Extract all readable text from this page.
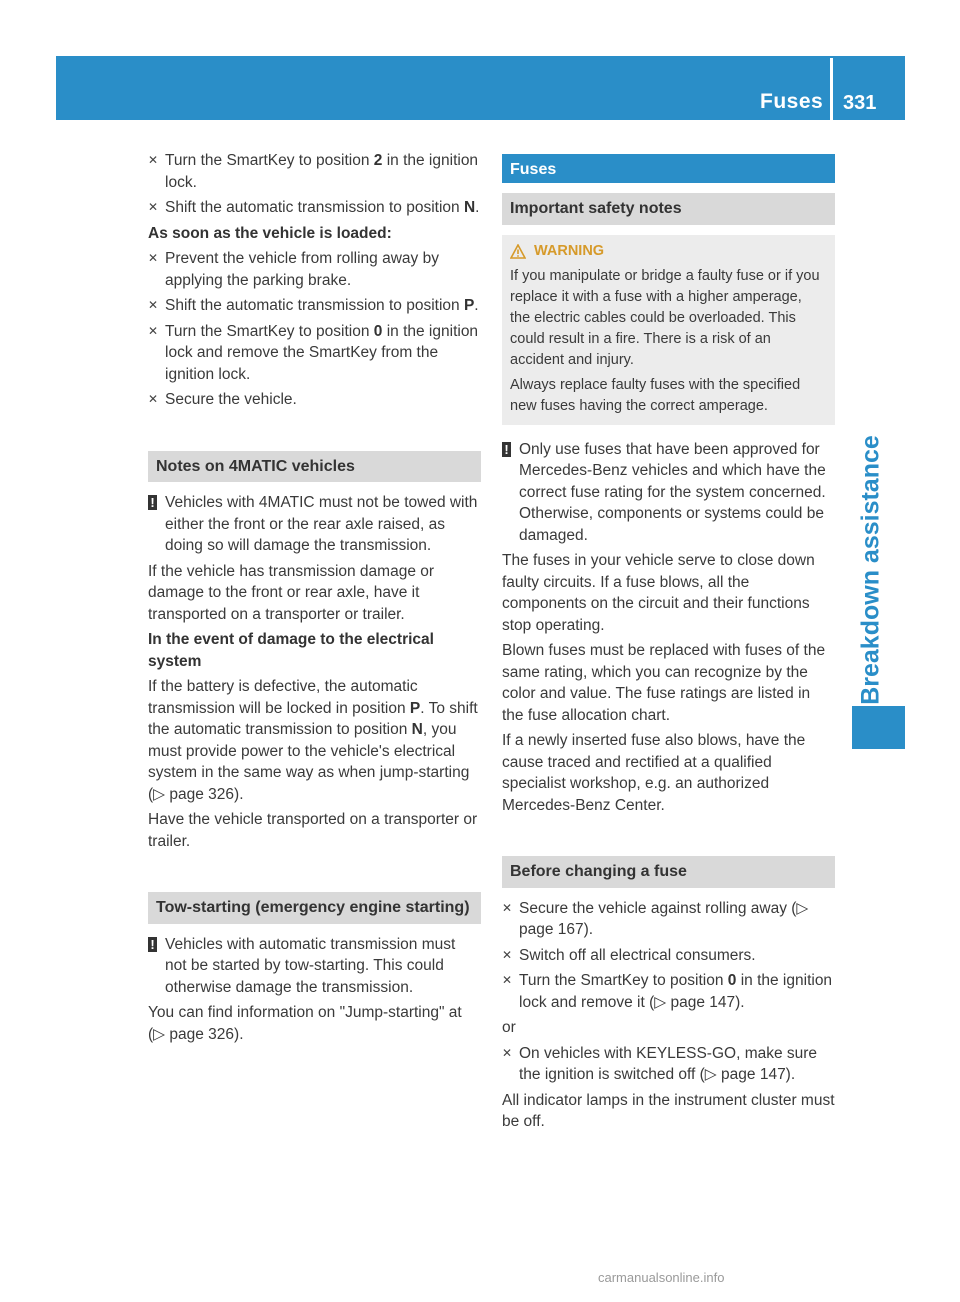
Fuses 331
Breakdown assistance
✕ Turn the SmartKey to position 2 in the ignition lock.
✕ Shift the automatic transmission to position N.

As soon as the vehicle is loaded:

✕ Prevent the vehicle from rolling away by applying the parking brake.
✕ Shift the automatic transmission to position P.
✕ Turn the SmartKey to position 0 in the ignition lock and remove the SmartKey from the ignition lock.
✕ Secure the vehicle.
Notes on 4MATIC vehicles
! Vehicles with 4MATIC must not be towed with either the front or the rear axle raised, as doing so will damage the transmission.

If the vehicle has transmission damage or damage to the front or rear axle, have it transported on a transporter or trailer.

In the event of damage to the electrical system

If the battery is defective, the automatic transmission will be locked in position P. To shift the automatic transmission to position N, you must provide power to the vehicle's electrical system in the same way as when jump-starting (▷ page 326).

Have the vehicle transported on a transporter or trailer.

Tow-starting (emergency engine starting)
! Vehicles with automatic transmission must not be started by tow-starting. This could otherwise damage the transmission.

You can find information on "Jump-starting" at (▷ page 326).

Fuses
Important safety notes
WARNING

If you manipulate or bridge a faulty fuse or if you replace it with a fuse with a higher amperage, the electric cables could be overloaded. This could result in a fire. There is a risk of an accident and injury.

Always replace faulty fuses with the specified new fuses having the correct amperage.

! Only use fuses that have been approved for Mercedes-Benz vehicles and which have the correct fuse rating for the system concerned. Otherwise, components or systems could be damaged.

The fuses in your vehicle serve to close down faulty circuits. If a fuse blows, all the components on the circuit and their functions stop operating.

Blown fuses must be replaced with fuses of the same rating, which you can recognize by the color and value. The fuse ratings are listed in the fuse allocation chart.

If a newly inserted fuse also blows, have the cause traced and rectified at a qualified specialist workshop, e.g. an authorized Mercedes-Benz Center.

Before changing a fuse
✕ Secure the vehicle against rolling away (▷ page 167).
✕ Switch off all electrical consumers.
✕ Turn the SmartKey to position 0 in the ignition lock and remove it (▷ page 147).

or

✕ On vehicles with KEYLESS-GO, make sure the ignition is switched off (▷ page 147).

All indicator lamps in the instrument cluster must be off.

carmanualsonline.info
